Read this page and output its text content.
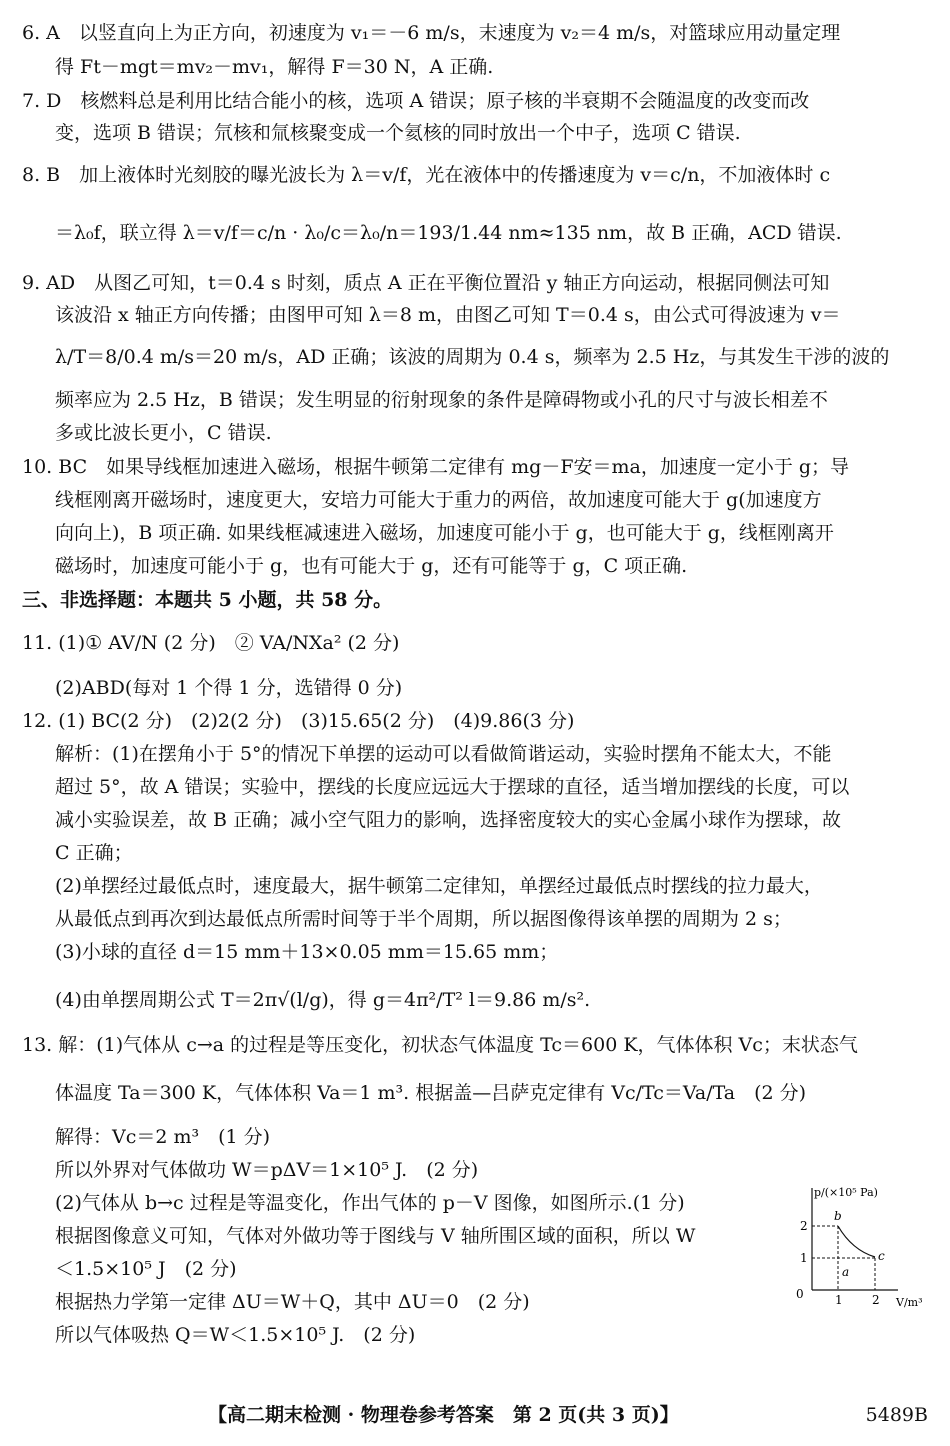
6. A　以竖直向上为正方向，初速度为 v₁＝－6 m/s，末速度为 v₂＝4 m/s，对篮球应用动量定理
得 Ft－mgt＝mv₂－mv₁，解得 F＝30 N，A 正确.
7. D　核燃料总是利用比结合能小的核，选项 A 错误；原子核的半衰期不会随温度的改变而改
变，选项 B 错误；氘核和氚核聚变成一个氦核的同时放出一个中子，选项 C 错误.
8. B　加上液体时光刻胶的曝光波长为 λ＝v/f，光在液体中的传播速度为 v＝c/n，不加液体时 c
＝λ₀f，联立得 λ＝v/f＝c/n · λ₀/c＝λ₀/n＝193/1.44 nm≈135 nm，故 B 正确，ACD 错误.
9. AD　从图乙可知，t＝0.4 s 时刻，质点 A 正在平衡位置沿 y 轴正方向运动，根据同侧法可知
该波沿 x 轴正方向传播；由图甲可知 λ＝8 m，由图乙可知 T＝0.4 s，由公式可得波速为 v＝
λ/T＝8/0.4 m/s＝20 m/s，AD 正确；该波的周期为 0.4 s，频率为 2.5 Hz，与其发生干涉的波的
频率应为 2.5 Hz，B 错误；发生明显的衍射现象的条件是障碍物或小孔的尺寸与波长相差不
多或比波长更小，C 错误.
10. BC　如果导线框加速进入磁场，根据牛顿第二定律有 mg－F安＝ma，加速度一定小于 g；导
线框刚离开磁场时，速度更大，安培力可能大于重力的两倍，故加速度可能大于 g(加速度方
向向上)，B 项正确. 如果线框减速进入磁场，加速度可能小于 g，也可能大于 g，线框刚离开
磁场时，加速度可能小于 g，也有可能大于 g，还有可能等于 g，C 项正确.
三、非选择题：本题共 5 小题，共 58 分。
11. (1)① AV/N (2 分)　② VA/NXa² (2 分)
(2)ABD(每对 1 个得 1 分，选错得 0 分)
12. (1) BC(2 分)　(2)2(2 分)　(3)15.65(2 分)　(4)9.86(3 分)
解析：(1)在摆角小于 5°的情况下单摆的运动可以看做简谐运动，实验时摆角不能太大，不能
超过 5°，故 A 错误；实验中，摆线的长度应远远大于摆球的直径，适当增加摆线的长度，可以
减小实验误差，故 B 正确；减小空气阻力的影响，选择密度较大的实心金属小球作为摆球，故
C 正确；
(2)单摆经过最低点时，速度最大，据牛顿第二定律知，单摆经过最低点时摆线的拉力最大，
从最低点到再次到达最低点所需时间等于半个周期，所以据图像得该单摆的周期为 2 s；
(3)小球的直径 d＝15 mm＋13×0.05 mm＝15.65 mm；
(4)由单摆周期公式 T＝2π√(l/g)，得 g＝4π²/T² l＝9.86 m/s².
13. 解：(1)气体从 c→a 的过程是等压变化，初状态气体温度 Tc＝600 K，气体体积 Vc；末状态气
体温度 Ta＝300 K，气体体积 Va＝1 m³. 根据盖—吕萨克定律有 Vc/Tc＝Va/Ta　(2 分)
解得：Vc＝2 m³　(1 分)
所以外界对气体做功 W＝pΔV＝1×10⁵ J.　(2 分)
(2)气体从 b→c 过程是等温变化，作出气体的 p－V 图像，如图所示.(1 分)
根据图像意义可知，气体对外做功等于图线与 V 轴所围区域的面积，所以 W
＜1.5×10⁵ J　(2 分)
根据热力学第一定律 ΔU＝W＋Q，其中 ΔU＝0　(2 分)
所以气体吸热 Q＝W＜1.5×10⁵ J.　(2 分)
p/(×10⁵ Pa)
V/m³
0	1 2
1
2
b
c
a
【高二期末检测 · 物理卷参考答案　第 2 页(共 3 页)】	5489B
